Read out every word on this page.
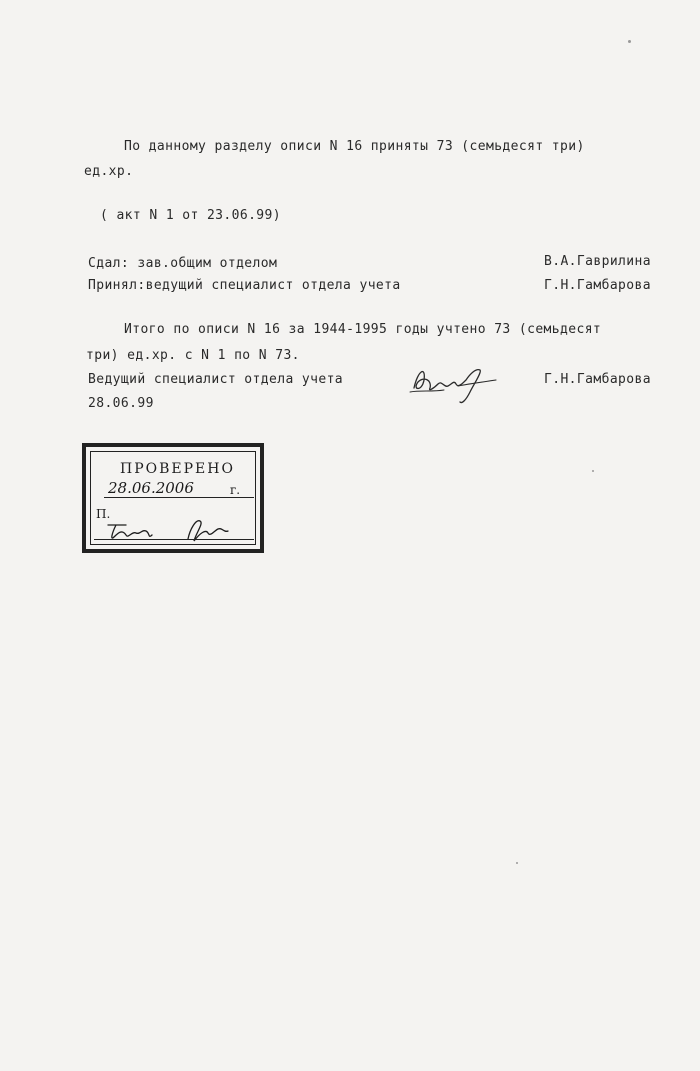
По данному разделу описи N 16 приняты 73 (семьдесят три)
ед.хр.
( акт N 1 от 23.06.99)
Сдал: зав.общим отделом	В.А.Гаврилина
Принял:ведущий специалист отдела учета	Г.Н.Гамбарова
Итого по описи N 16 за 1944-1995 годы учтено 73 (семьдесят
три) ед.хр. с N 1 по N 73.
Ведущий специалист отдела учета	Г.Н.Гамбарова
28.06.99
ПРОВЕРЕНО
28.06.2006	г.
П.
